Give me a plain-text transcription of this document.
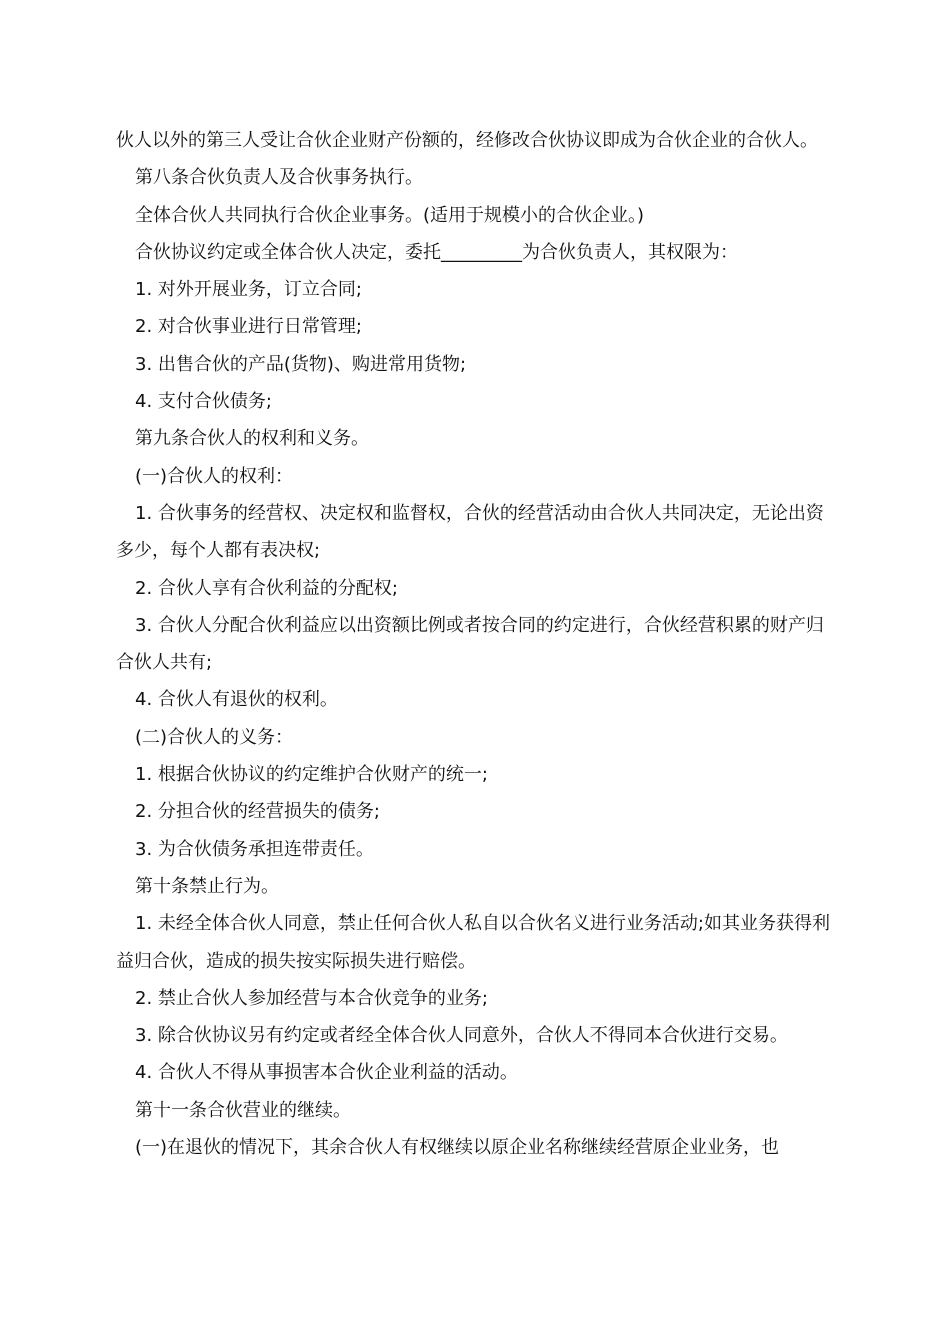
伙人以外的第三人受让合伙企业财产份额的，经修改合伙协议即成为合伙企业的合伙人。

第八条合伙负责人及合伙事务执行。

全体合伙人共同执行合伙企业事务。(适用于规模小的合伙企业。)

合伙协议约定或全体合伙人决定，委托_________为合伙负责人，其权限为：

1. 对外开展业务，订立合同;

2. 对合伙事业进行日常管理;

3. 出售合伙的产品(货物)、购进常用货物;

4. 支付合伙债务;

第九条合伙人的权利和义务。

(一)合伙人的权利：

1. 合伙事务的经营权、决定权和监督权，合伙的经营活动由合伙人共同决定，无论出资多少，每个人都有表决权;

2. 合伙人享有合伙利益的分配权;

3. 合伙人分配合伙利益应以出资额比例或者按合同的约定进行，合伙经营积累的财产归合伙人共有;

4. 合伙人有退伙的权利。

(二)合伙人的义务：

1. 根据合伙协议的约定维护合伙财产的统一;

2. 分担合伙的经营损失的债务;

3. 为合伙债务承担连带责任。

第十条禁止行为。

1. 未经全体合伙人同意，禁止任何合伙人私自以合伙名义进行业务活动;如其业务获得利益归合伙，造成的损失按实际损失进行赔偿。

2. 禁止合伙人参加经营与本合伙竞争的业务;

3. 除合伙协议另有约定或者经全体合伙人同意外，合伙人不得同本合伙进行交易。

4. 合伙人不得从事损害本合伙企业利益的活动。

第十一条合伙营业的继续。

(一)在退伙的情况下，其余合伙人有权继续以原企业名称继续经营原企业业务，也
